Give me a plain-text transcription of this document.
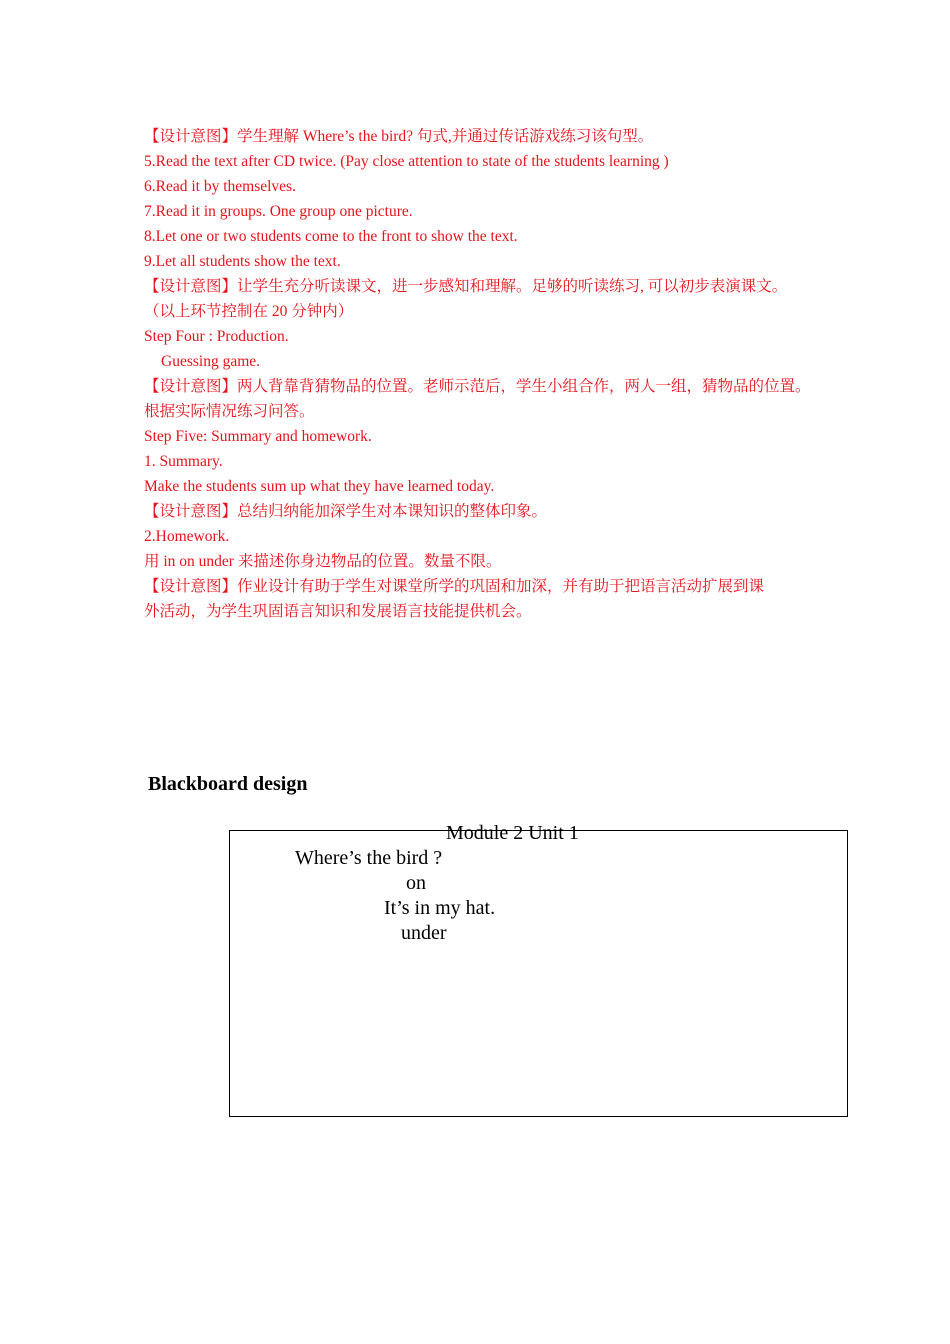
【设计意图】学生理解 Where’s the bird? 句式,并通过传话游戏练习该句型。
5.Read the text after CD twice. (Pay close attention to state of the students learning )
6.Read it by themselves.
7.Read it in groups. One group one picture.
8.Let one or two students come to the front to show the text.
9.Let all students show the text.
【设计意图】让学生充分听读课文，进一步感知和理解。足够的听读练习, 可以初步表演课文。
（以上环节控制在 20 分钟内）
Step Four : Production.
Guessing game.
【设计意图】两人背靠背猜物品的位置。老师示范后，学生小组合作，两人一组，猜物品的位置。
根据实际情况练习问答。
Step Five: Summary and homework.
1. Summary.
Make the students sum up what they have learned today.
【设计意图】总结归纳能加深学生对本课知识的整体印象。
2.Homework.
用 in on under 来描述你身边物品的位置。数量不限。
【设计意图】作业设计有助于学生对课堂所学的巩固和加深，并有助于把语言活动扩展到课
外活动，为学生巩固语言知识和发展语言技能提供机会。
Blackboard design
Module 2 Unit 1
Where’s the bird ?
on
It’s in my hat.
under
